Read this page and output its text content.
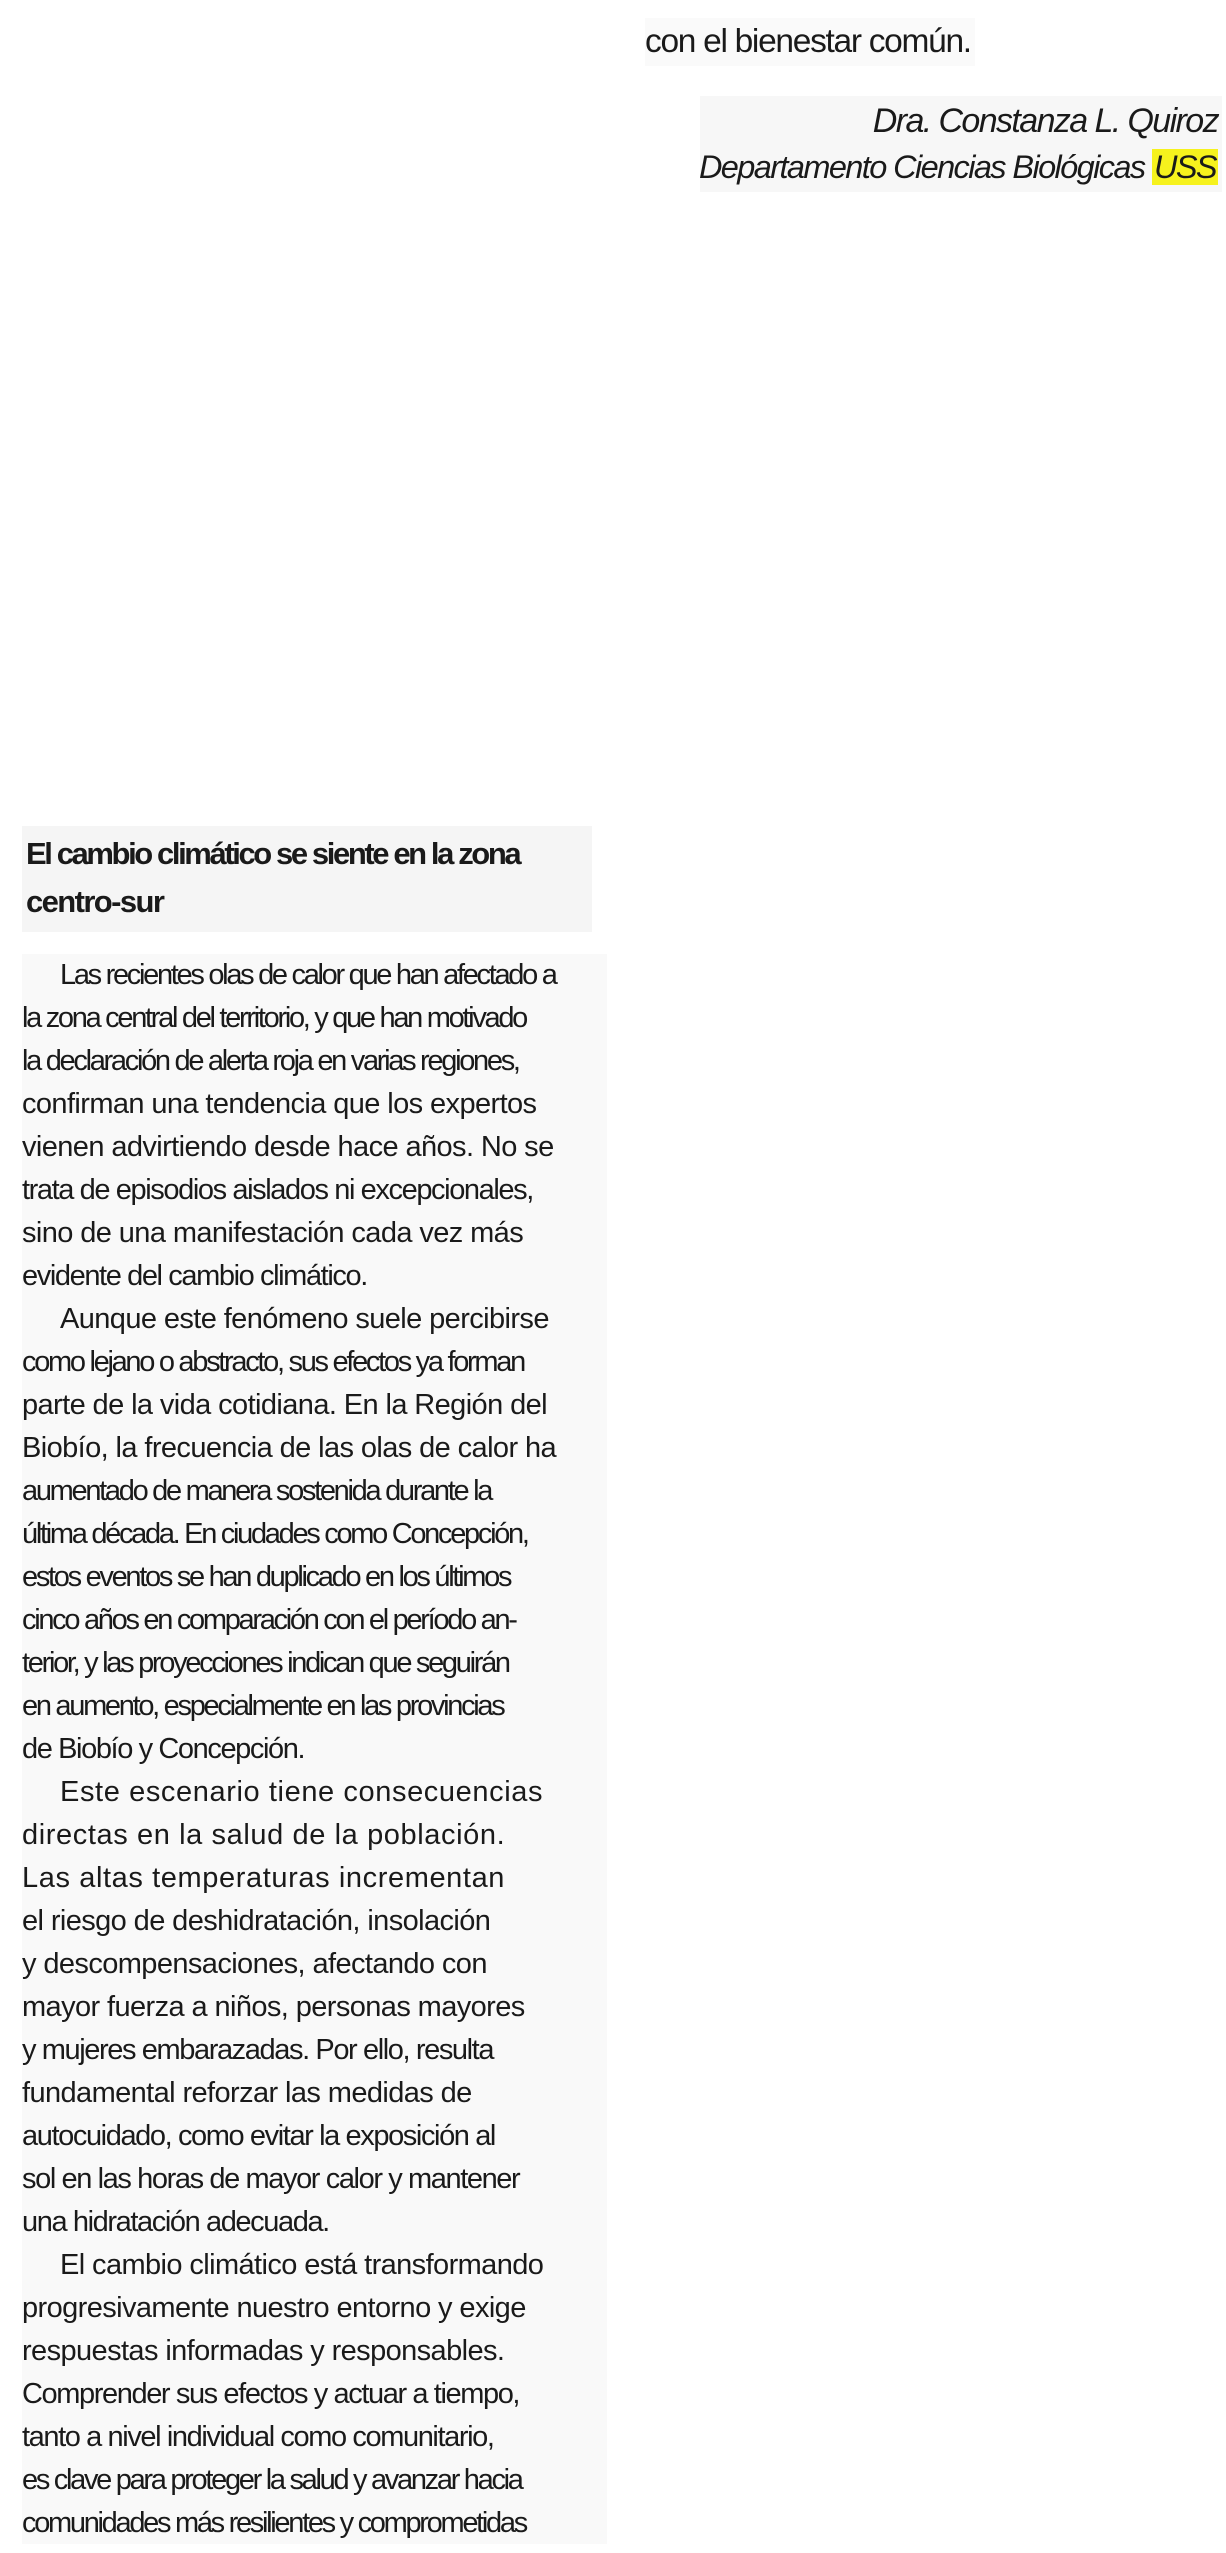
con el bienestar común.
Dra. Constanza L. Quiroz
Departamento Ciencias Biológicas USS
El cambio climático se siente en la zona
centro-sur

Las recientes olas de calor que han afectado a
la zona central del territorio, y que han motivado
la declaración de alerta roja en varias regiones,
confirman una tendencia que los expertos
vienen advirtiendo desde hace años. No se
trata de episodios aislados ni excepcionales,
sino de una manifestación cada vez más
evidente del cambio climático.

Aunque este fenómeno suele percibirse
como lejano o abstracto, sus efectos ya forman
parte de la vida cotidiana. En la Región del
Biobío, la frecuencia de las olas de calor ha
aumentado de manera sostenida durante la
última década. En ciudades como Concepción,
estos eventos se han duplicado en los últimos
cinco años en comparación con el período an-
terior, y las proyecciones indican que seguirán
en aumento, especialmente en las provincias
de Biobío y Concepción.

Este escenario tiene consecuencias
directas en la salud de la población.
Las altas temperaturas incrementan
el riesgo de deshidratación, insolación
y descompensaciones, afectando con
mayor fuerza a niños, personas mayores
y mujeres embarazadas. Por ello, resulta
fundamental reforzar las medidas de
autocuidado, como evitar la exposición al
sol en las horas de mayor calor y mantener
una hidratación adecuada.

El cambio climático está transformando
progresivamente nuestro entorno y exige
respuestas informadas y responsables.
Comprender sus efectos y actuar a tiempo,
tanto a nivel individual como comunitario,
es clave para proteger la salud y avanzar hacia
comunidades más resilientes y comprometidas
